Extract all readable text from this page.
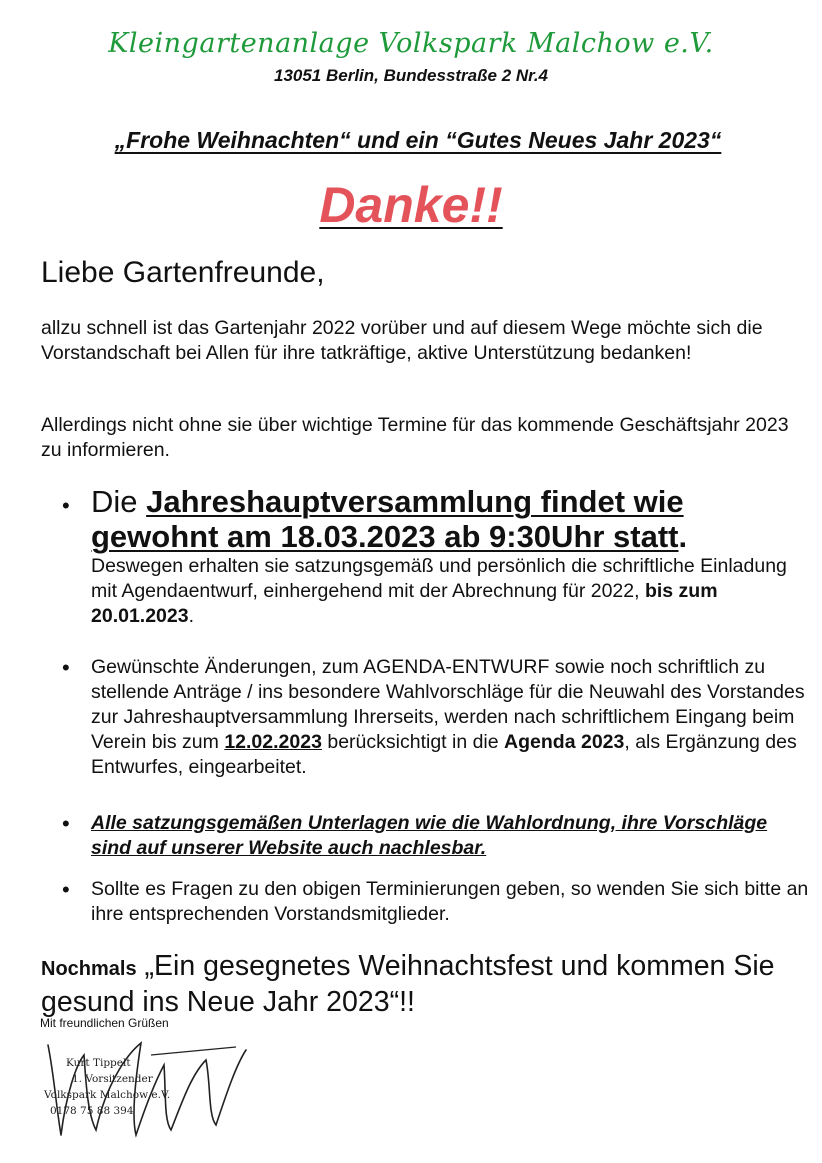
Kleingartenanlage Volkspark Malchow e.V.
13051 Berlin, Bundesstraße 2 Nr.4
„Frohe Weihnachten“ und ein “Gutes Neues Jahr 2023“
Danke!!
Liebe Gartenfreunde,
allzu schnell ist das Gartenjahr 2022 vorüber und auf diesem Wege möchte sich die Vorstandschaft bei Allen für ihre tatkräftige, aktive Unterstützung bedanken!
Allerdings nicht ohne sie über wichtige Termine für das kommende Geschäftsjahr 2023 zu informieren.
• Die Jahreshauptversammlung findet wie gewohnt am 18.03.2023 ab 9:30Uhr statt.
Deswegen erhalten sie satzungsgemäß und persönlich die schriftliche Einladung mit Agendaentwurf, einhergehend mit der Abrechnung für 2022, bis zum 20.01.2023.
• Gewünschte Änderungen, zum AGENDA-ENTWURF sowie noch schriftlich zu stellende Anträge / ins besondere Wahlvorschläge für die Neuwahl des Vorstandes zur Jahreshauptversammlung Ihrerseits, werden nach schriftlichem Eingang beim Verein bis zum 12.02.2023 berücksichtigt in die Agenda 2023, als Ergänzung des Entwurfes, eingearbeitet.
• Alle satzungsgemäßen Unterlagen wie die Wahlordnung, ihre Vorschläge sind auf unserer Website auch nachlesbar.
• Sollte es Fragen zu den obigen Terminierungen geben, so wenden Sie sich bitte an ihre entsprechenden Vorstandsmitglieder.
Nochmals „Ein gesegnetes Weihnachtsfest und kommen Sie gesund ins Neue Jahr 2023“!!
Mit freundlichen Grüßen
Kurt Tippelt
1. Vorsitzender
Volkspark Malchow e.V.
0178 75 88 394
